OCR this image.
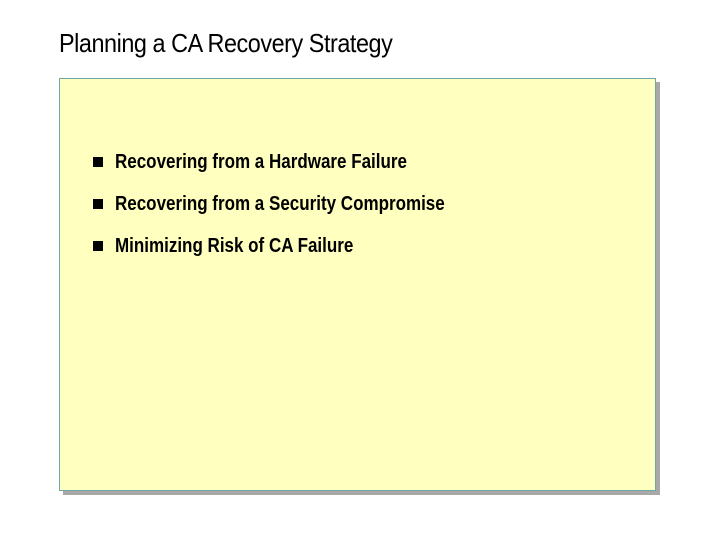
Planning a CA Recovery Strategy
Recovering from a Hardware Failure
Recovering from a Security Compromise
Minimizing Risk of CA Failure
